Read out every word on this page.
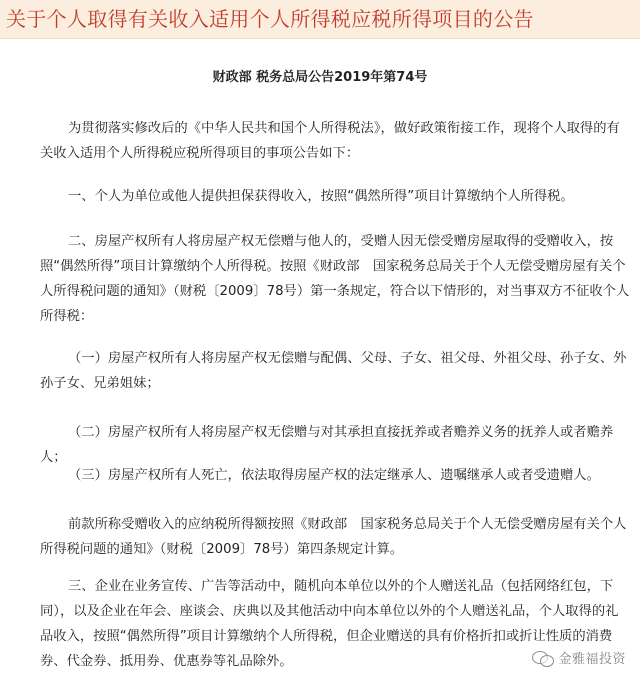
关于个人取得有关收入适用个人所得税应税所得项目的公告
财政部 税务总局公告2019年第74号

为贯彻落实修改后的《中华人民共和国个人所得税法》，做好政策衔接工作，现将个人取得的有关收入适用个人所得税应税所得项目的事项公告如下：

一、个人为单位或他人提供担保获得收入，按照“偶然所得”项目计算缴纳个人所得税。

二、房屋产权所有人将房屋产权无偿赠与他人的，受赠人因无偿受赠房屋取得的受赠收入，按照“偶然所得”项目计算缴纳个人所得税。按照《财政部　国家税务总局关于个人无偿受赠房屋有关个人所得税问题的通知》（财税〔2009〕78号）第一条规定，符合以下情形的，对当事双方不征收个人所得税：

（一）房屋产权所有人将房屋产权无偿赠与配偶、父母、子女、祖父母、外祖父母、孙子女、外孙子女、兄弟姐妹；

（二）房屋产权所有人将房屋产权无偿赠与对其承担直接抚养或者赡养义务的抚养人或者赡养人；

（三）房屋产权所有人死亡，依法取得房屋产权的法定继承人、遗嘱继承人或者受遗赠人。

前款所称受赠收入的应纳税所得额按照《财政部　国家税务总局关于个人无偿受赠房屋有关个人所得税问题的通知》（财税〔2009〕78号）第四条规定计算。

三、企业在业务宣传、广告等活动中，随机向本单位以外的个人赠送礼品（包括网络红包，下同），以及企业在年会、座谈会、庆典以及其他活动中向本单位以外的个人赠送礼品，个人取得的礼品收入，按照“偶然所得”项目计算缴纳个人所得税，但企业赠送的具有价格折扣或折让性质的消费券、代金券、抵用券、优惠券等礼品除外。	金雅福投资
